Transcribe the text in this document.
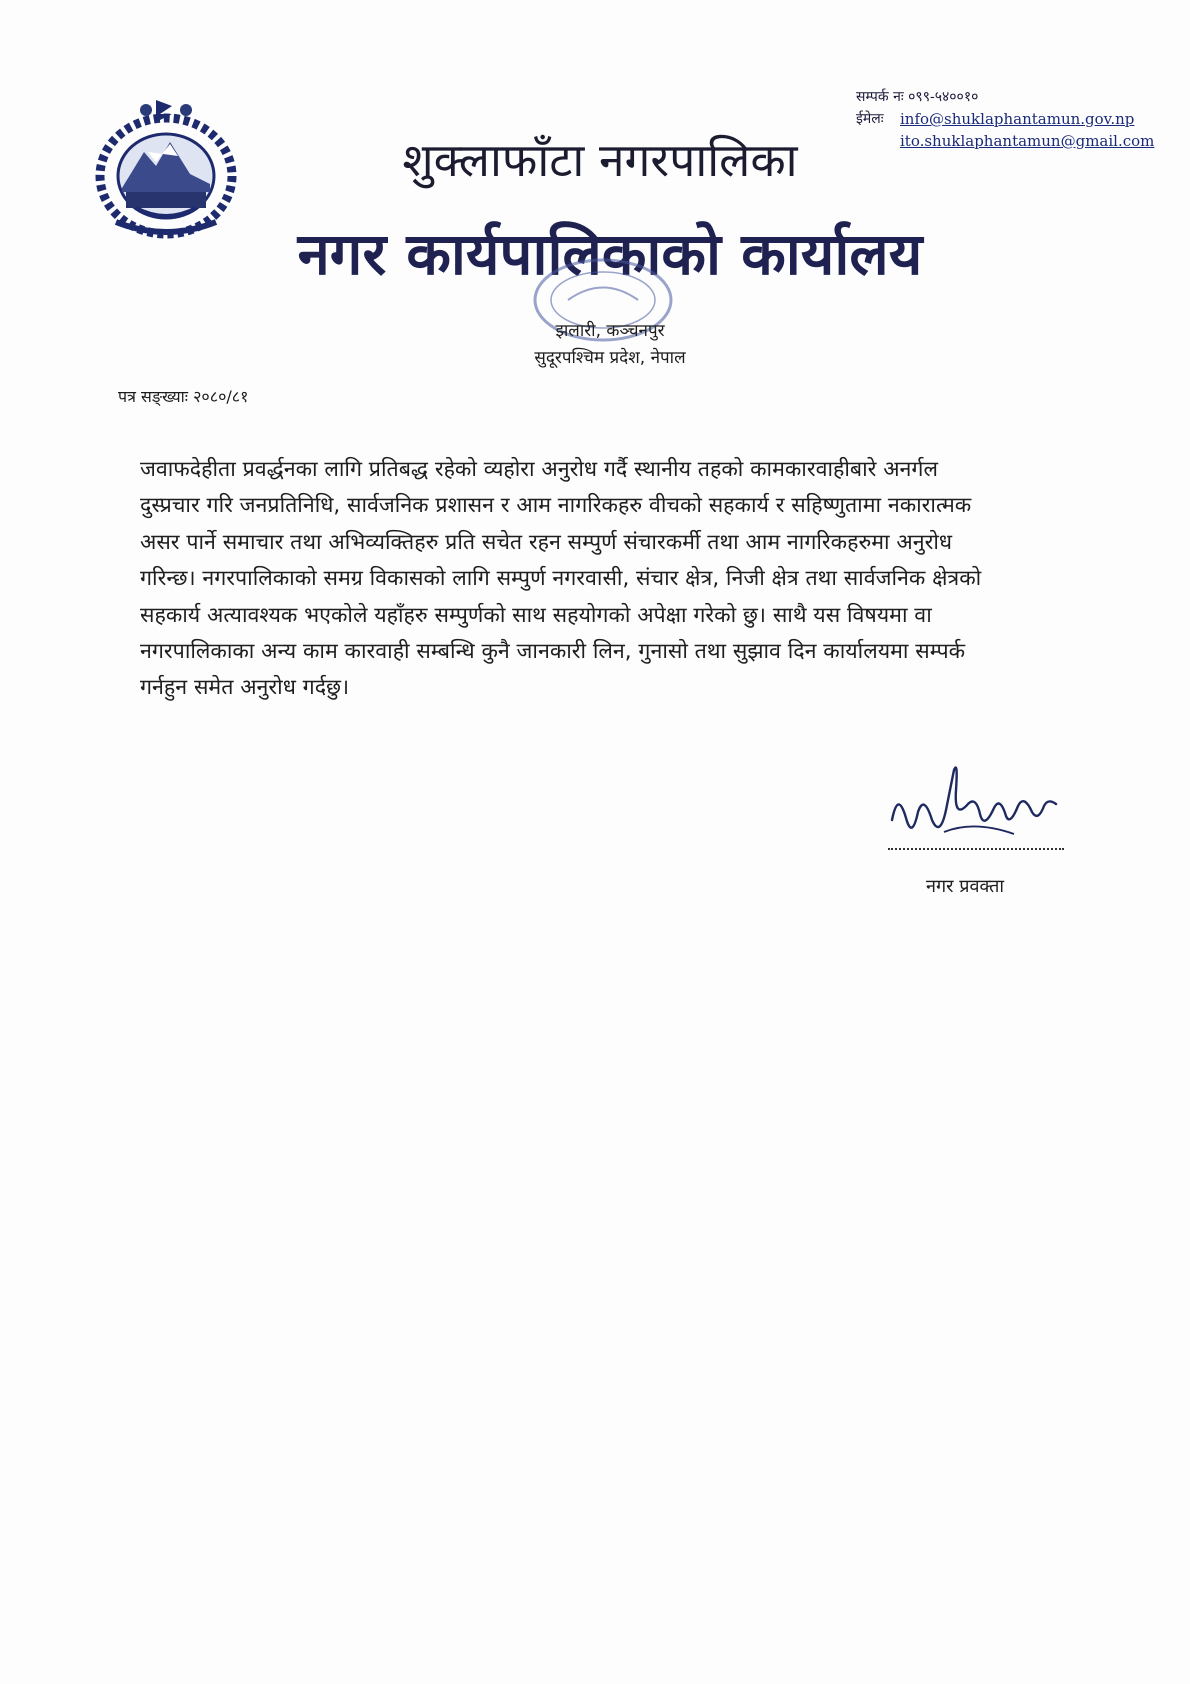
सम्पर्क नः ०९९-५४००१०
ईमेलः	info@shuklaphantamun.gov.np
ito.shuklaphantamun@gmail.com
शुक्लाफाँटा नगरपालिका
नगर कार्यपालिकाको कार्यालय
झलारी, कञ्चनपुर
सुदूरपश्चिम प्रदेश, नेपाल
पत्र सङ्ख्याः २०८०/८१
जवाफदेहीता प्रवर्द्धनका लागि प्रतिबद्ध रहेको व्यहोरा अनुरोध गर्दै स्थानीय तहको कामकारवाहीबारे अनर्गल
दुस्प्रचार गरि जनप्रतिनिधि, सार्वजनिक प्रशासन र आम नागरिकहरु वीचको सहकार्य र सहिष्णुतामा नकारात्मक
असर पार्ने समाचार तथा अभिव्यक्तिहरु प्रति सचेत रहन सम्पुर्ण संचारकर्मी तथा आम नागरिकहरुमा अनुरोध
गरिन्छ। नगरपालिकाको समग्र विकासको लागि सम्पुर्ण नगरवासी, संचार क्षेत्र, निजी क्षेत्र तथा सार्वजनिक क्षेत्रको
सहकार्य अत्यावश्यक भएकोले यहाँहरु सम्पुर्णको साथ सहयोगको अपेक्षा गरेको छु। साथै यस विषयमा वा
नगरपालिकाका अन्य काम कारवाही सम्बन्धि कुनै जानकारी लिन, गुनासो तथा सुझाव दिन कार्यालयमा सम्पर्क
गर्नहुन समेत अनुरोध गर्दछु।
नगर प्रवक्ता
